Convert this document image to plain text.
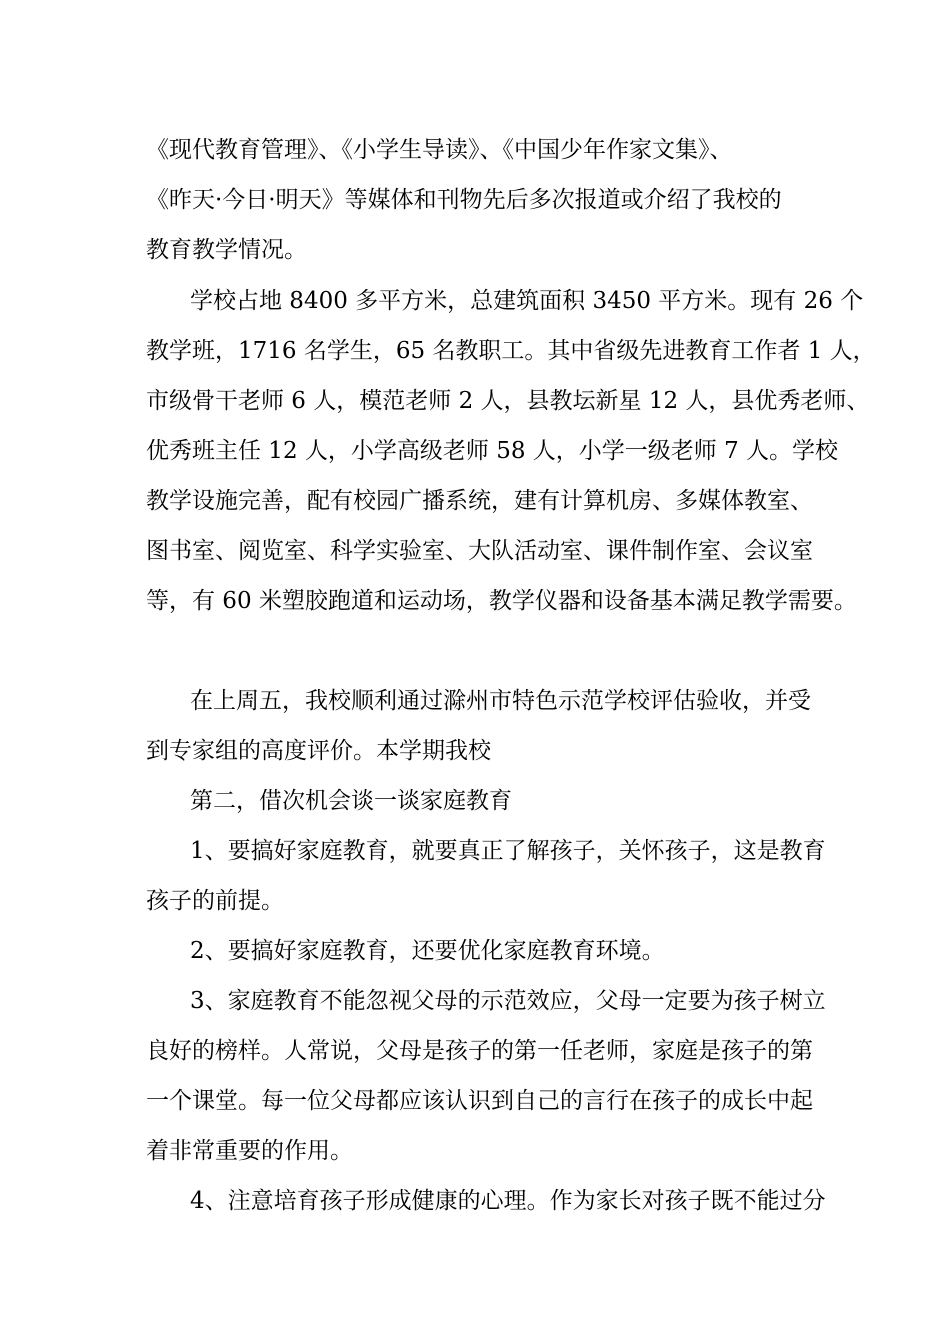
《现代教育管理》、《小学生导读》、《中国少年作家文集》、
《昨天·今日·明天》等媒体和刊物先后多次报道或介绍了我校的
教育教学情况。
学校占地 8400 多平方米，总建筑面积 3450 平方米。现有 26 个
教学班，1716 名学生，65 名教职工。其中省级先进教育工作者 1 人，
市级骨干老师 6 人，模范老师 2 人，县教坛新星 12 人，县优秀老师、
优秀班主任 12 人，小学高级老师 58 人，小学一级老师 7 人。学校
教学设施完善，配有校园广播系统，建有计算机房、多媒体教室、
图书室、阅览室、科学实验室、大队活动室、课件制作室、会议室
等，有 60 米塑胶跑道和运动场，教学仪器和设备基本满足教学需要。
在上周五，我校顺利通过滁州市特色示范学校评估验收，并受
到专家组的高度评价。本学期我校
第二，借次机会谈一谈家庭教育
1、要搞好家庭教育，就要真正了解孩子，关怀孩子，这是教育
孩子的前提。
2、要搞好家庭教育，还要优化家庭教育环境。
3、家庭教育不能忽视父母的示范效应，父母一定要为孩子树立
良好的榜样。人常说，父母是孩子的第一任老师，家庭是孩子的第
一个课堂。每一位父母都应该认识到自己的言行在孩子的成长中起
着非常重要的作用。
4、注意培育孩子形成健康的心理。作为家长对孩子既不能过分
